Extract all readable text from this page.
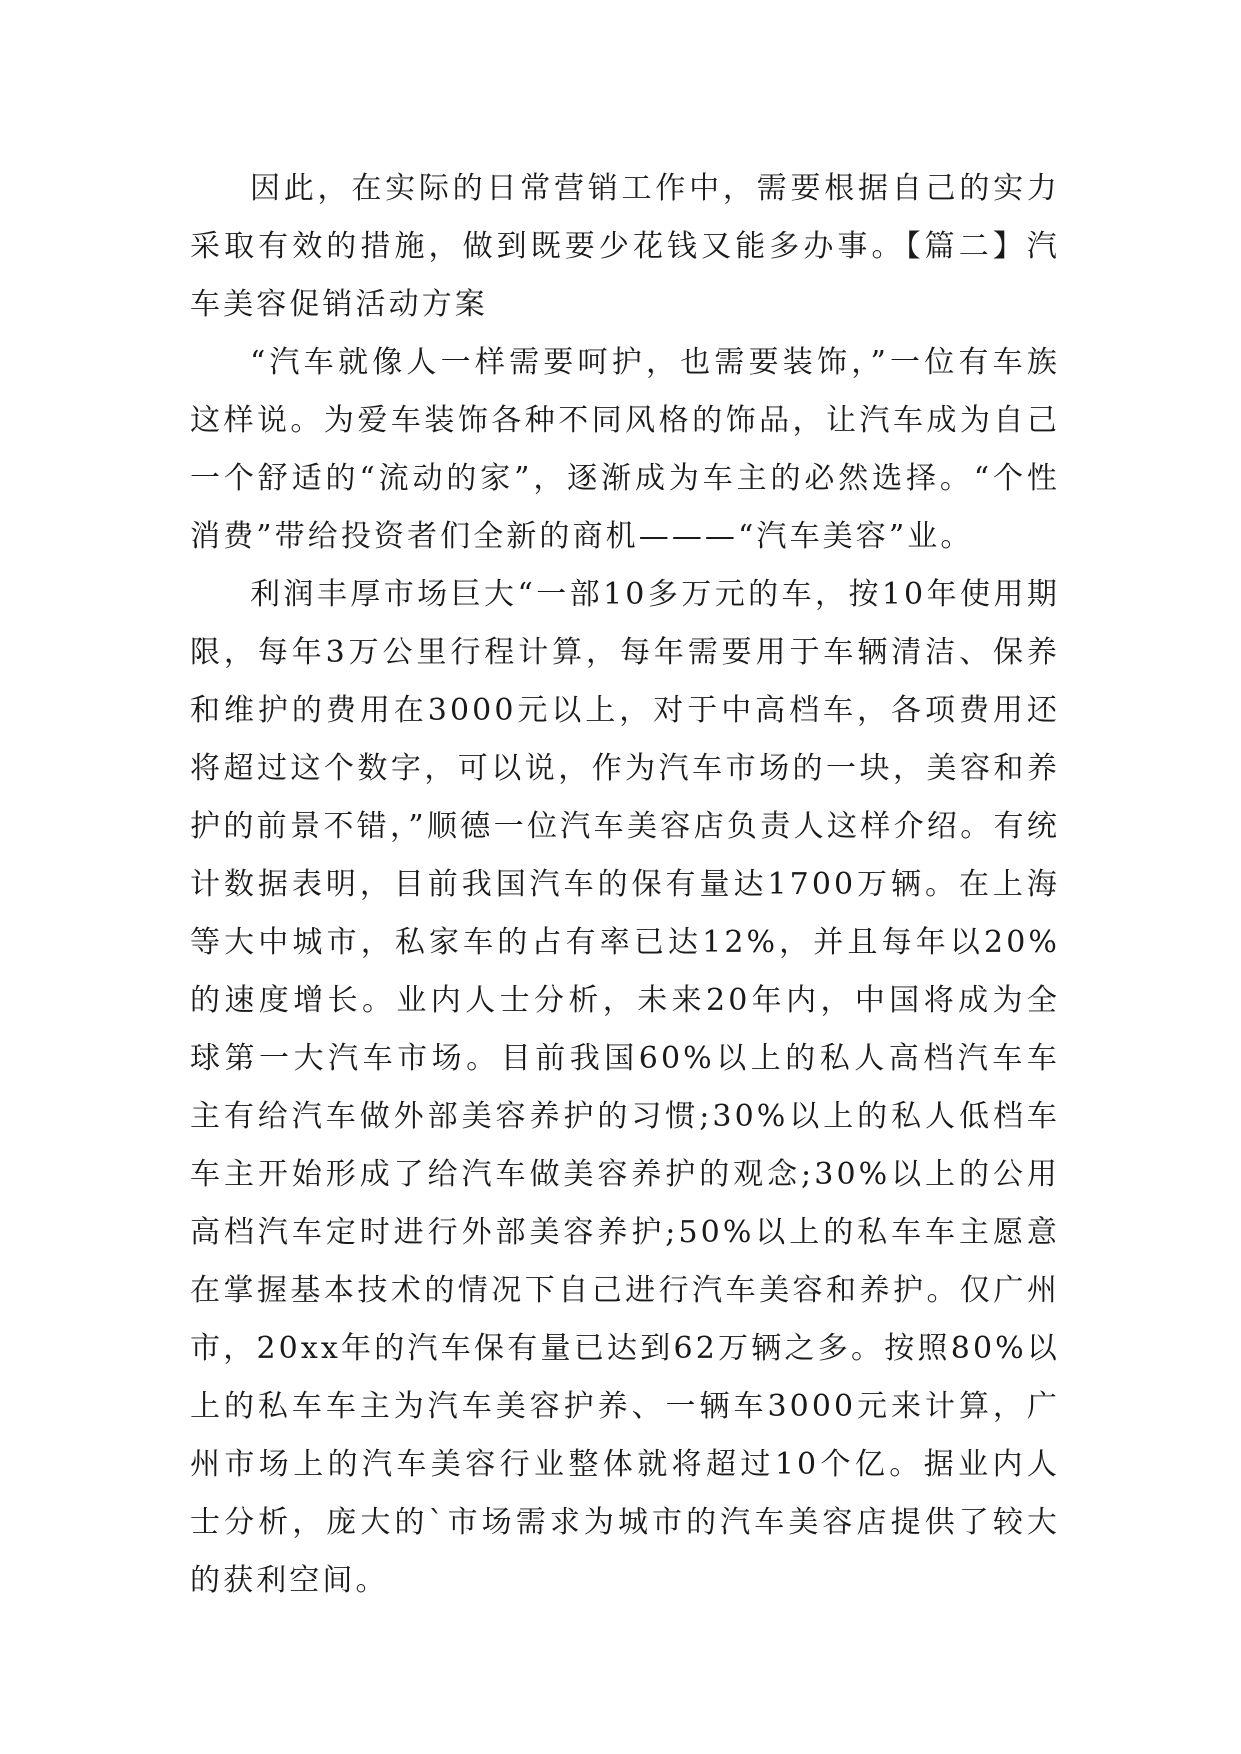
因此，在实际的日常营销工作中，需要根据自己的实力采取有效的措施，做到既要少花钱又能多办事。【篇二】汽车美容促销活动方案

“汽车就像人一样需要呵护，也需要装饰，”一位有车族这样说。为爱车装饰各种不同风格的饰品，让汽车成为自己一个舒适的“流动的家”，逐渐成为车主的必然选择。“个性消费”带给投资者们全新的商机———“汽车美容”业。

利润丰厚市场巨大“一部10多万元的车，按10年使用期限，每年3万公里行程计算，每年需要用于车辆清洁、保养和维护的费用在3000元以上，对于中高档车，各项费用还将超过这个数字，可以说，作为汽车市场的一块，美容和养护的前景不错，”顺德一位汽车美容店负责人这样介绍。有统计数据表明，目前我国汽车的保有量达1700万辆。在上海等大中城市，私家车的占有率已达12%，并且每年以20%的速度增长。业内人士分析，未来20年内，中国将成为全球第一大汽车市场。目前我国60%以上的私人高档汽车车主有给汽车做外部美容养护的习惯;30%以上的私人低档车车主开始形成了给汽车做美容养护的观念;30%以上的公用高档汽车定时进行外部美容养护;50%以上的私车车主愿意在掌握基本技术的情况下自己进行汽车美容和养护。仅广州市，20xx年的汽车保有量已达到62万辆之多。按照80%以上的私车车主为汽车美容护养、一辆车3000元来计算，广州市场上的汽车美容行业整体就将超过10个亿。据业内人士分析，庞大的`市场需求为城市的汽车美容店提供了较大的获利空间。
